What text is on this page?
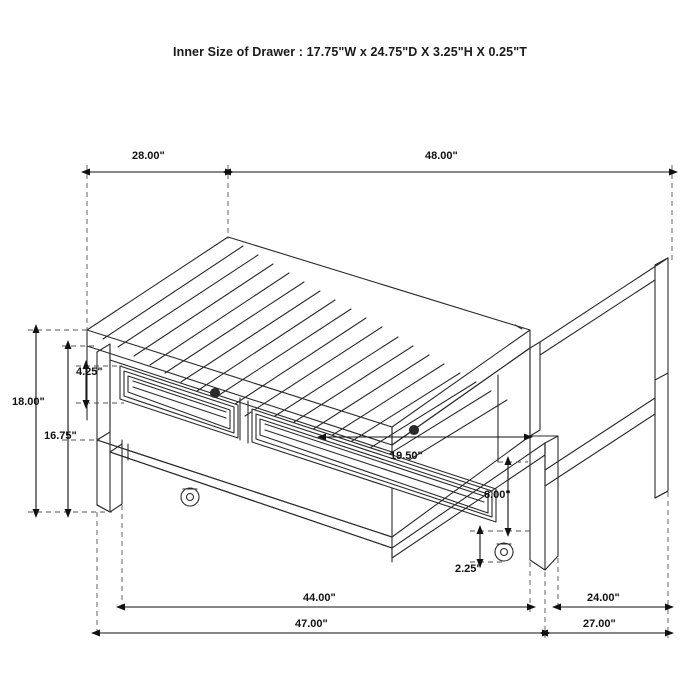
Inner Size of Drawer : 17.75"W x 24.75"D X 3.25"H X 0.25"T
28.00"	48.00"
18.00"
16.75"
4.25"
19.50"
6.00"
2.25"
44.00"	24.00"
47.00"	27.00"
